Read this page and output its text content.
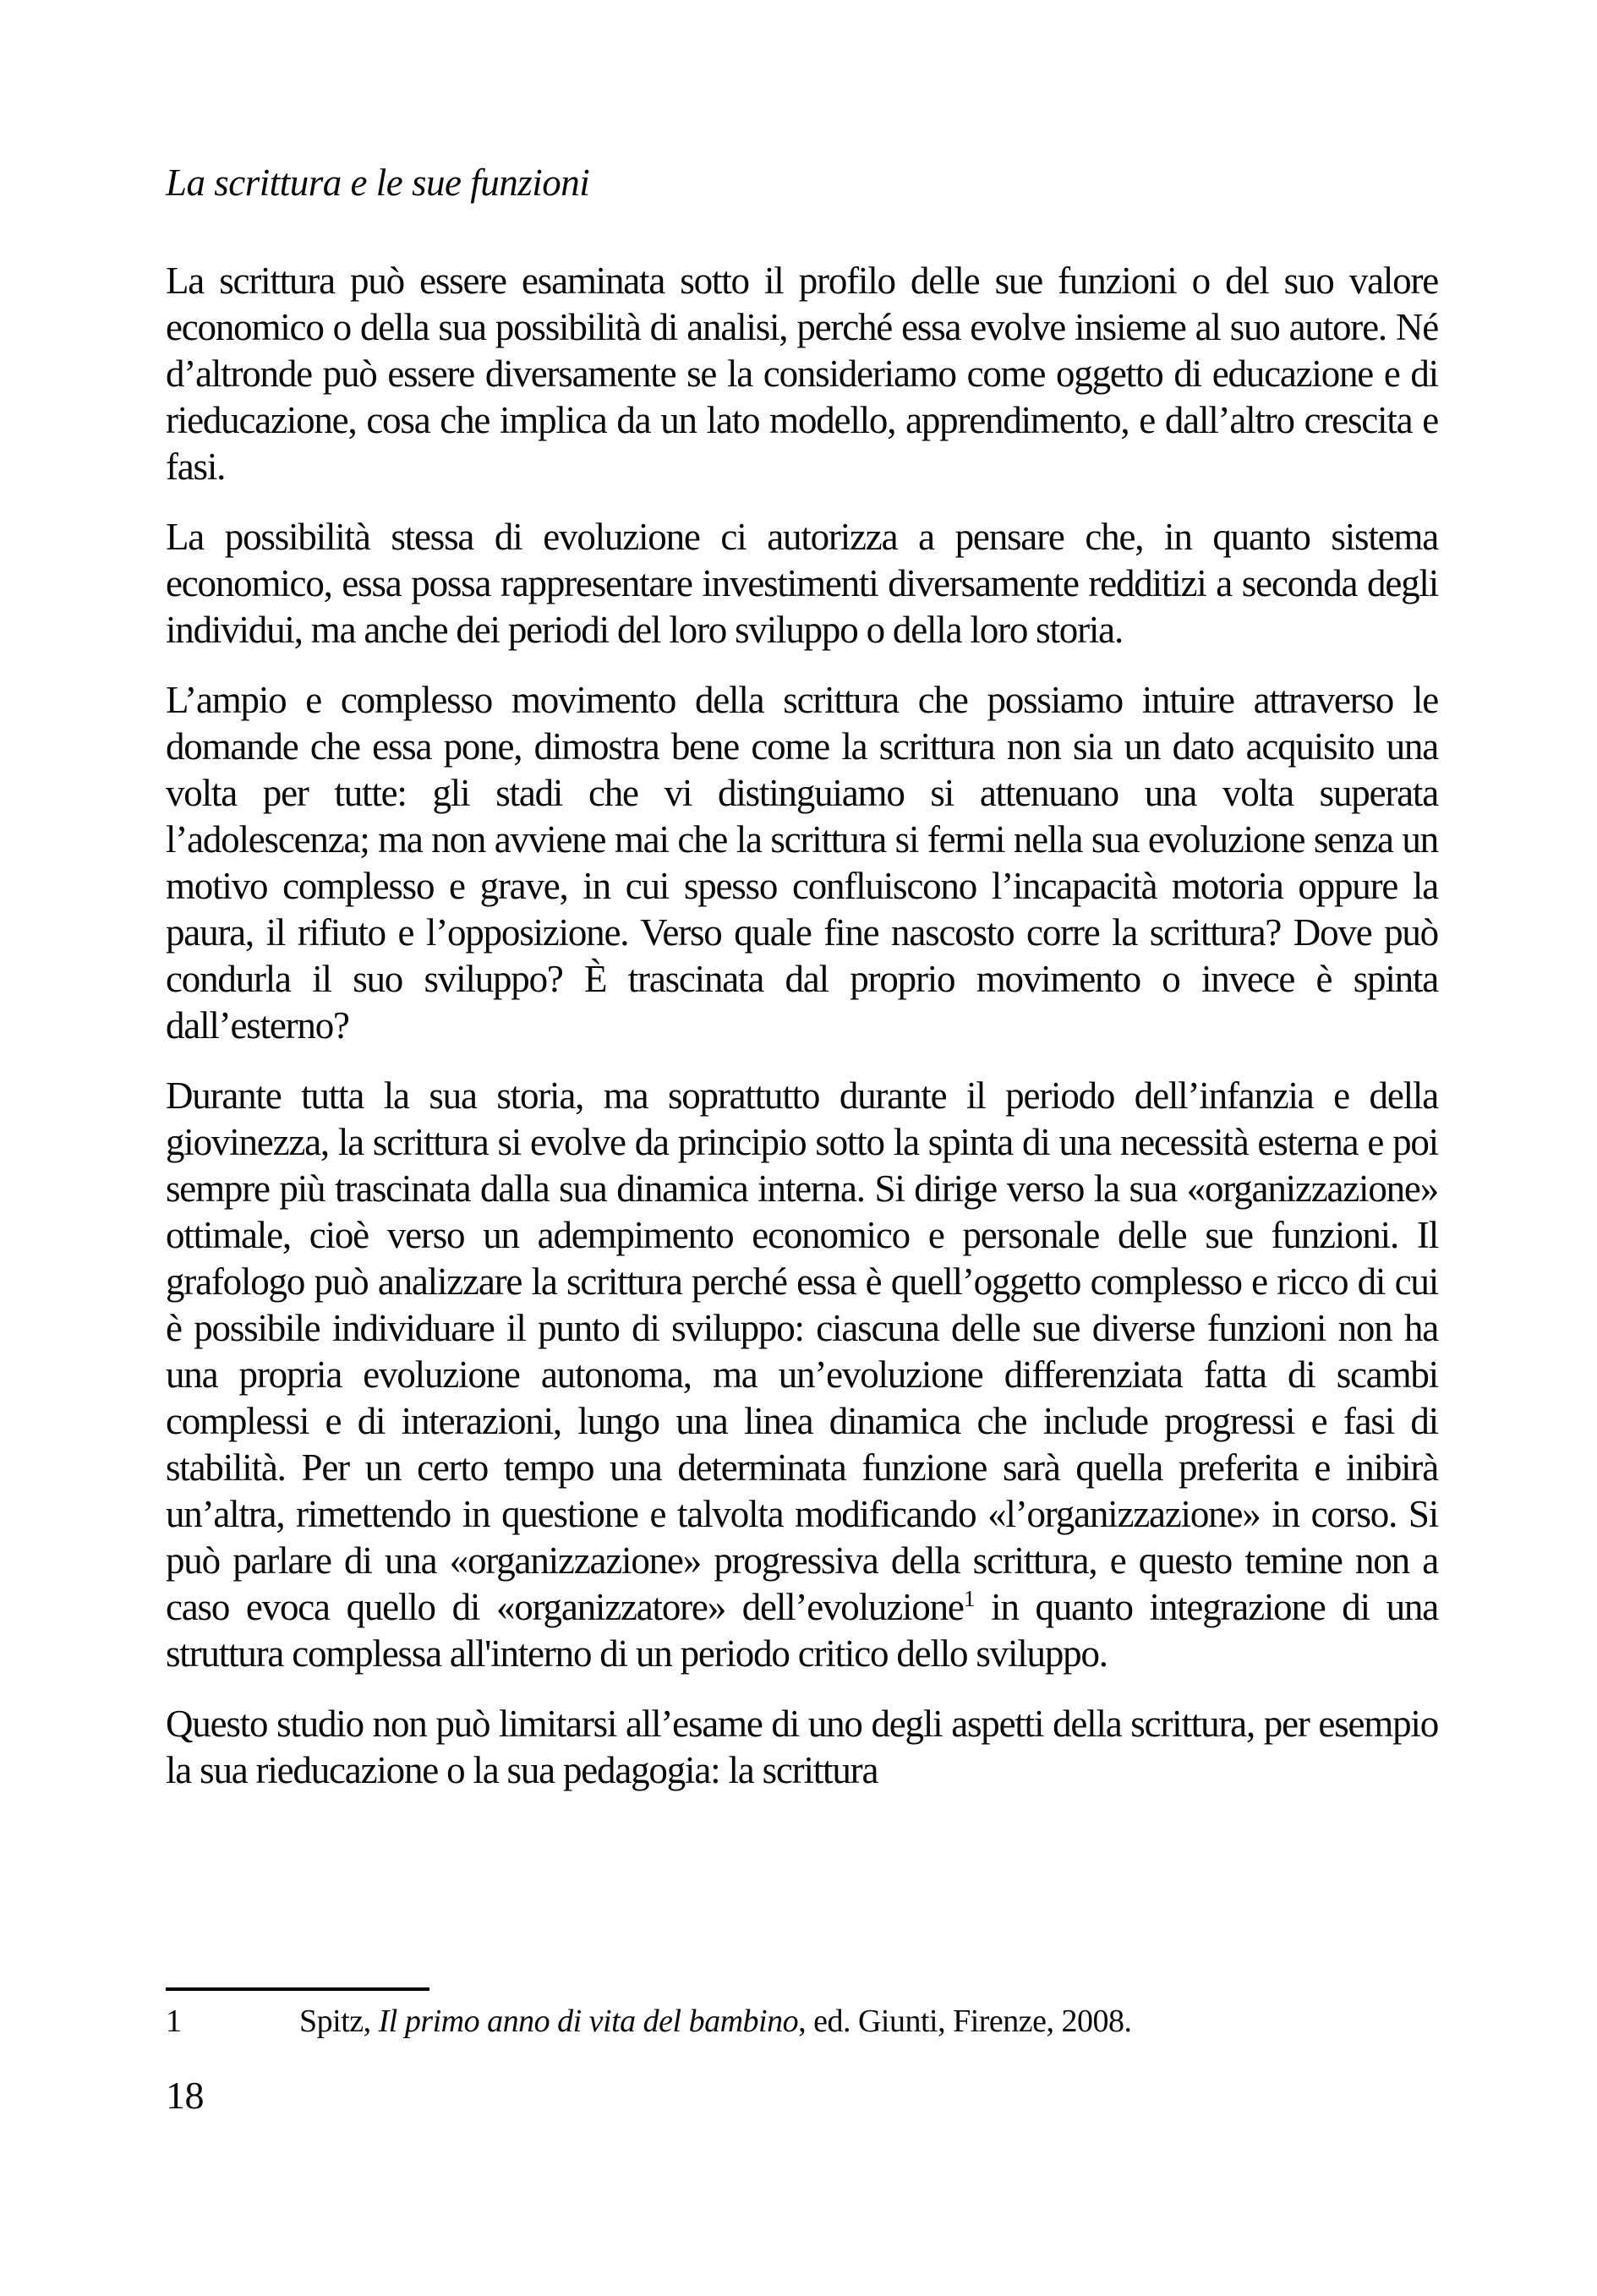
La scrittura e le sue funzioni

La scrittura può essere esaminata sotto il profilo delle sue funzioni o del suo valore economico o della sua possibilità di analisi, perché essa evolve insieme al suo autore. Né d’altronde può essere diversamente se la consideriamo come oggetto di educazione e di rieducazione, cosa che implica da un lato modello, apprendimento, e dall’altro crescita e fasi.

La possibilità stessa di evoluzione ci autorizza a pensare che, in quanto sistema economico, essa possa rappresentare investimenti diversamente redditizi a seconda degli individui, ma anche dei periodi del loro sviluppo o della loro storia.

L’ampio e complesso movimento della scrittura che possiamo intuire attraverso le domande che essa pone, dimostra bene come la scrittura non sia un dato acquisito una volta per tutte: gli stadi che vi distinguiamo si attenuano una volta superata l’adolescenza; ma non avviene mai che la scrittura si fermi nella sua evoluzione senza un motivo complesso e grave, in cui spesso confluiscono l’incapacità motoria oppure la paura, il rifiuto e l’opposizione. Verso quale fine nascosto corre la scrittura? Dove può condurla il suo sviluppo? È trascinata dal proprio movimento o invece è spinta dall’esterno?

Durante tutta la sua storia, ma soprattutto durante il periodo dell’infanzia e della giovinezza, la scrittura si evolve da principio sotto la spinta di una necessità esterna e poi sempre più trascinata dalla sua dinamica interna. Si dirige verso la sua «organizzazione» ottimale, cioè verso un adempimento economico e personale delle sue funzioni. Il grafologo può analizzare la scrittura perché essa è quell’oggetto complesso e ricco di cui è possibile individuare il punto di sviluppo: ciascuna delle sue diverse funzioni non ha una propria evoluzione autonoma, ma un’evoluzione differenziata fatta di scambi complessi e di interazioni, lungo una linea dinamica che include progressi e fasi di stabilità. Per un certo tempo una determinata funzione sarà quella preferita e inibirà un’altra, rimettendo in questione e talvolta modificando «l’organizzazione» in corso. Si può parlare di una «organizzazione» progressiva della scrittura, e questo temine non a caso evoca quello di «organizzatore» dell’evoluzione$^1$ in quanto integrazione di una struttura complessa all'interno di un periodo critico dello sviluppo.

Questo studio non può limitarsi all’esame di uno degli aspetti della scrittura, per esempio la sua rieducazione o la sua pedagogia: la scrittura

1	Spitz, Il primo anno di vita del bambino, ed. Giunti, Firenze, 2008.
18
